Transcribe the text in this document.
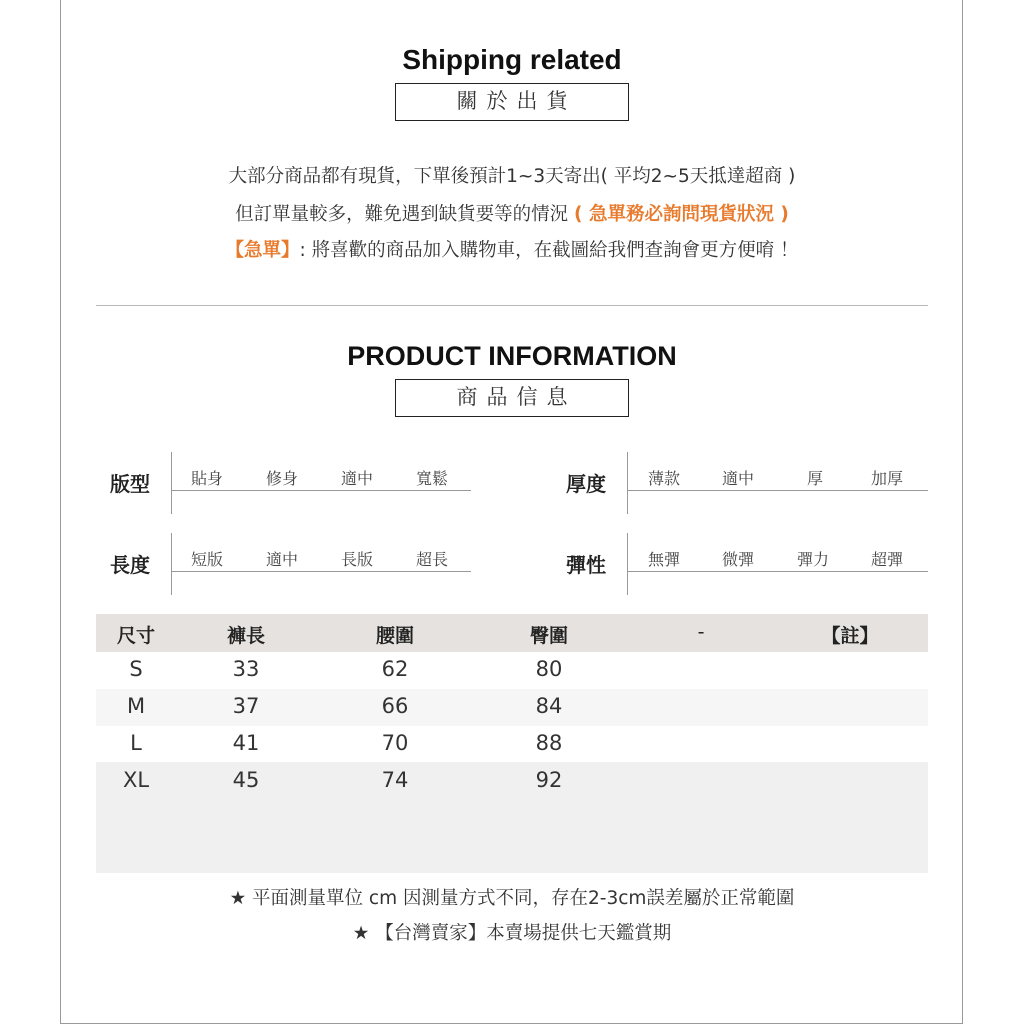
Shipping related
關於出貨
大部分商品都有現貨，下單後預計1~3天寄出( 平均2~5天抵達超商 )
但訂單量較多，難免遇到缺貨要等的情況 ( 急單務必詢問現貨狀況 )
【急單】: 將喜歡的商品加入購物車，在截圖給我們查詢會更方便唷 ！
PRODUCT INFORMATION
商品信息
版型	貼身	修身	適中	寬鬆	厚度	薄款	適中	厚	加厚
長度	短版	適中	長版	超長	彈性	無彈	微彈	彈力	超彈
尺寸	褲長	腰圍	臀圍	-	【註】
S	33	62	80
M	37	66	84
L	41	70	88
XL	45	74	92
★ 平面測量單位 cm 因測量方式不同，存在2-3cm誤差屬於正常範圍
★ 【台灣賣家】本賣場提供七天鑑賞期
